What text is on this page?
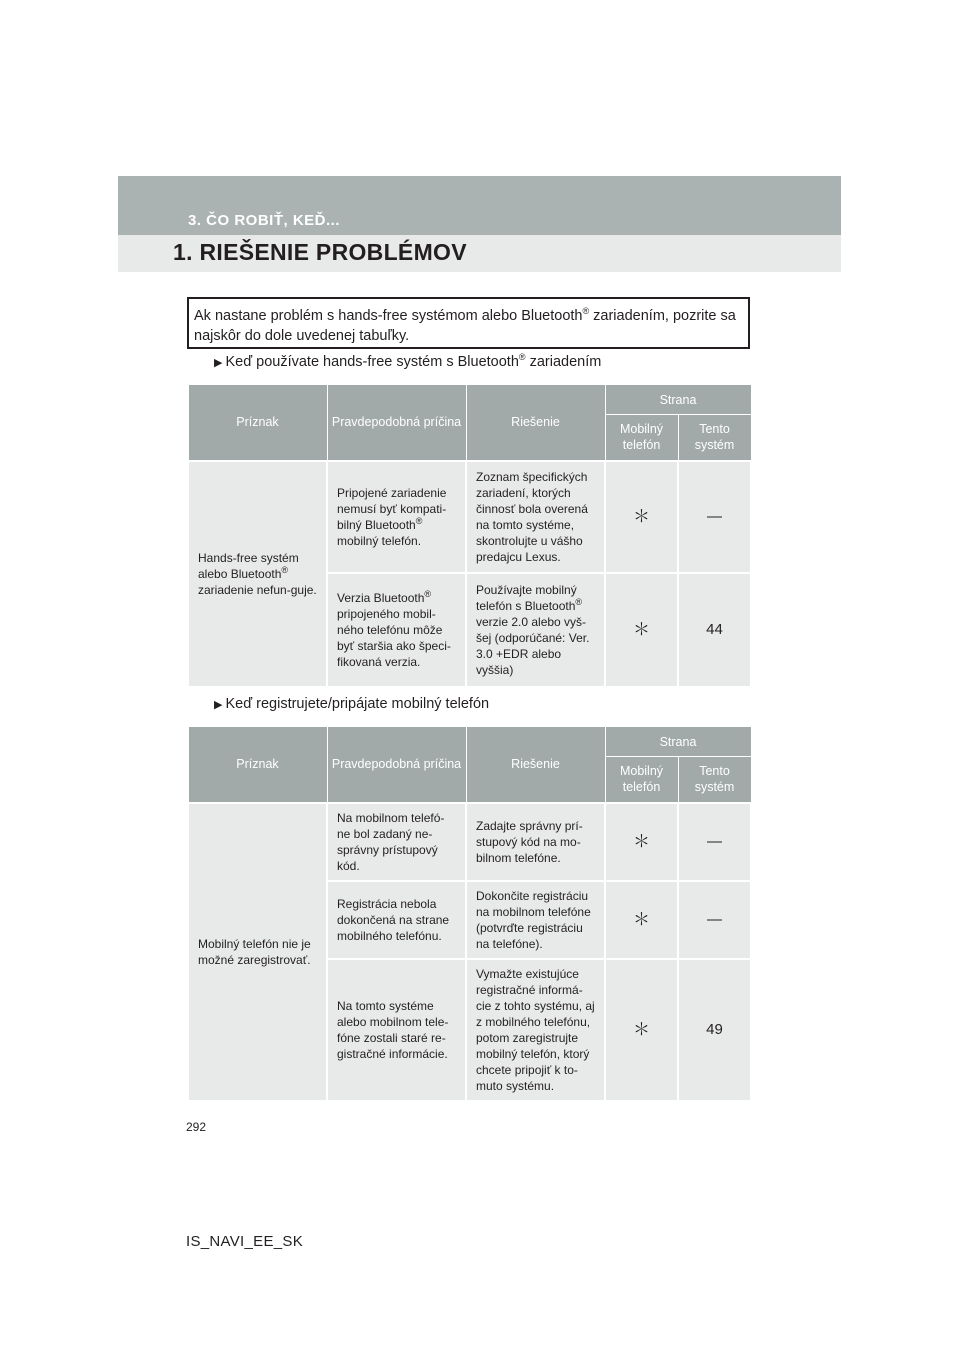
3. ČO ROBIŤ, KEĎ...
1. RIEŠENIE PROBLÉMOV

Ak nastane problém s hands-free systémom alebo Bluetooth® zariadením, pozrite sa najskôr do dole uvedenej tabuľky.

▶ Keď používate hands-free systém s Bluetooth® zariadením
Príznak	Pravdepodobná príčina	Riešenie	Strana	
			Mobilný telefón	Tento systém
Hands-free systém alebo Bluetooth® zariadenie nefun-guje.	Pripojené zariadenie nemusí byť kompati-bilný Bluetooth® mobilný telefón.	Zoznam špecifických zariadení, ktorých činnosť bola overená na tomto systéme, skontrolujte u vášho predajcu Lexus.	＊	—
	Verzia Bluetooth® pripojeného mobil-ného telefónu môže byť staršia ako špeci-fikovaná verzia.	Používajte mobilný telefón s Bluetooth® verzie 2.0 alebo vyš-šej (odporúčané: Ver. 3.0 +EDR alebo vyššia)	＊	44
▶ Keď registrujete/pripájate mobilný telefón
Príznak	Pravdepodobná príčina	Riešenie	Strana	
			Mobilný telefón	Tento systém
Mobilný telefón nie je možné zaregistrovať.	Na mobilnom telefó-ne bol zadaný ne-správny prístupový kód.	Zadajte správny prí-stupový kód na mo-bilnom telefóne.	＊	—
	Registrácia nebola dokončená na strane mobilného telefónu.	Dokončite registráciu na mobilnom telefóne (potvrďte registráciu na telefóne).	＊	—
	Na tomto systéme alebo mobilnom tele-fóne zostali staré re-gistračné informácie.	Vymažte existujúce registračné informá-cie z tohto systému, aj z mobilného telefónu, potom zaregistrujte mobilný telefón, ktorý chcete pripojiť k to-muto systému.	＊	49
292
IS_NAVI_EE_SK
